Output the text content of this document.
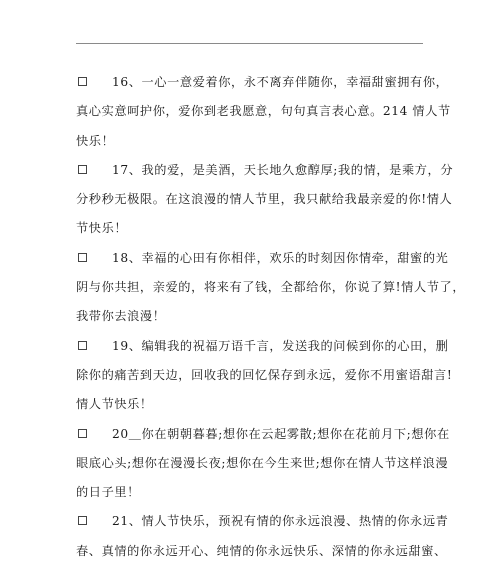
16、一心一意爱着你，永不离弃伴随你，幸福甜蜜拥有你，
真心实意呵护你，爱你到老我愿意，句句真言表心意。214 情人节
快乐！
17、我的爱，是美酒，天长地久愈醇厚;我的情，是乘方，分
分秒秒无极限。在这浪漫的情人节里，我只献给我最亲爱的你!情人
节快乐！
18、幸福的心田有你相伴，欢乐的时刻因你情牵，甜蜜的光
阴与你共担，亲爱的，将来有了钱，全都给你，你说了算!情人节了，
我带你去浪漫！
19、编辑我的祝福万语千言，发送我的问候到你的心田，删
除你的痛苦到天边，回收我的回忆保存到永远，爱你不用蜜语甜言!
情人节快乐！
20＿你在朝朝暮暮;想你在云起雾散;想你在花前月下;想你在
眼底心头;想你在漫漫长夜;想你在今生来世;想你在情人节这样浪漫
的日子里！
21、情人节快乐，预祝有情的你永远浪漫、热情的你永远青
春、真情的你永远开心、纯情的你永远快乐、深情的你永远甜蜜、
